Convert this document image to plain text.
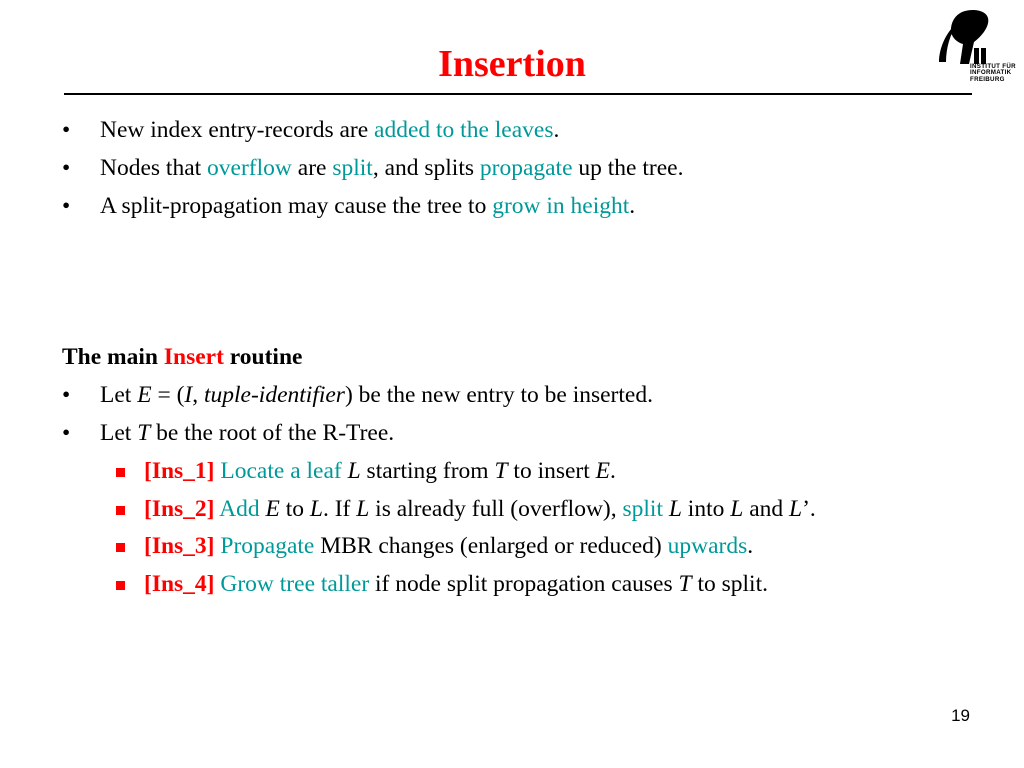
Insertion	INSTITUT FÜR
INFORMATIK
FREIBURG
• New index entry-records are added to the leaves.
• Nodes that overflow are split, and splits propagate up the tree.
• A split-propagation may cause the tree to grow in height.
The main Insert routine
• Let E = (I, tuple-identifier) be the new entry to be inserted.
• Let T be the root of the R-Tree.
[Ins_1] Locate a leaf L starting from T to insert E.
[Ins_2] Add E to L. If L is already full (overflow), split L into L and L’.
[Ins_3] Propagate MBR changes (enlarged or reduced) upwards.
[Ins_4] Grow tree taller if node split propagation causes T to split.
19
